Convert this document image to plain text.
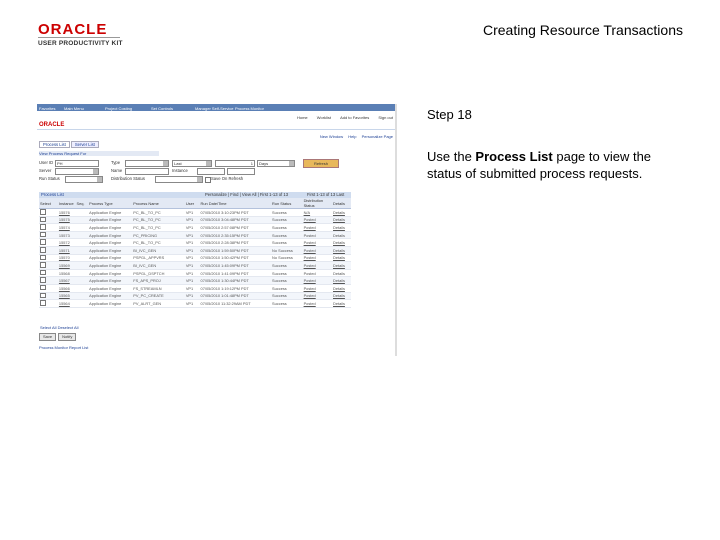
ORACLE
USER PRODUCTIVITY KIT
Creating Resource Transactions
Step 18
Use the Process List page to view the status of submitted process requests.
Favorites Main Menu	Project Costing	Set Controls	Manager Self-Service Process Monitor
Home Worklist Add to Favorites Sign out
ORACLE
New Window Help Personalize Page
Process List Server List
View Process Request For
User ID PH	Type	Last	1	Days	Refresh
Server	Name	Instance
Run Status	Distribution Status	Save On Refresh
Process List	Personalize | Find | View All | First 1-13 of 13	First 1-13 of 13 Last
Select	Instance	Seq.	Process Type	Process Name	User	Run Date/Time	Run Status	Distribution Status	Details
	15576		Application Engine	PC_BL_TO_PC	VP1	07/05/2010 3:10:23PM PDT	Success	N/A	Details
	15575		Application Engine	PC_BL_TO_PC	VP1	07/05/2010 3:04:48PM PDT	Success	Posted	Details
	15574		Application Engine	PC_BL_TO_PC	VP1	07/05/2010 2:57:08PM PDT	Success	Posted	Details
	15573		Application Engine	PC_PRICING	VP1	07/05/2010 2:35:15PM PDT	Success	Posted	Details
	15572		Application Engine	PC_BL_TO_PC	VP1	07/05/2010 2:28:38PM PDT	Success	Posted	Details
	15571		Application Engine	BI_IVC_GEN	VP1	07/05/2010 1:59:50PM PDT	No Success	Posted	Details
	15570		Application Engine	PSPGL_APPVRS	VP1	07/05/2010 1:50:42PM PDT	No Success	Posted	Details
	15569		Application Engine	BI_IVC_GEN	VP1	07/05/2010 1:45:09PM PDT	Success	Posted	Details
	15568		Application Engine	PSPGL_DSPTCH	VP1	07/05/2010 1:41:09PM PDT	Success	Posted	Details
	15567		Application Engine	FS_APS_PROJ	VP1	07/05/2010 1:30:44PM PDT	Success	Posted	Details
	15566		Application Engine	FS_STREAMLN	VP1	07/05/2010 1:19:12PM PDT	Success	Posted	Details
	15565		Application Engine	PV_PC_CREATE	VP1	07/05/2010 1:01:48PM PDT	Success	Posted	Details
	15564		Application Engine	PV_ALRT_GEN	VP1	07/05/2010 11:32:29AM PDT	Success	Posted	Details
Select All Deselect All
Save	Notify
Process Monitor Report List
